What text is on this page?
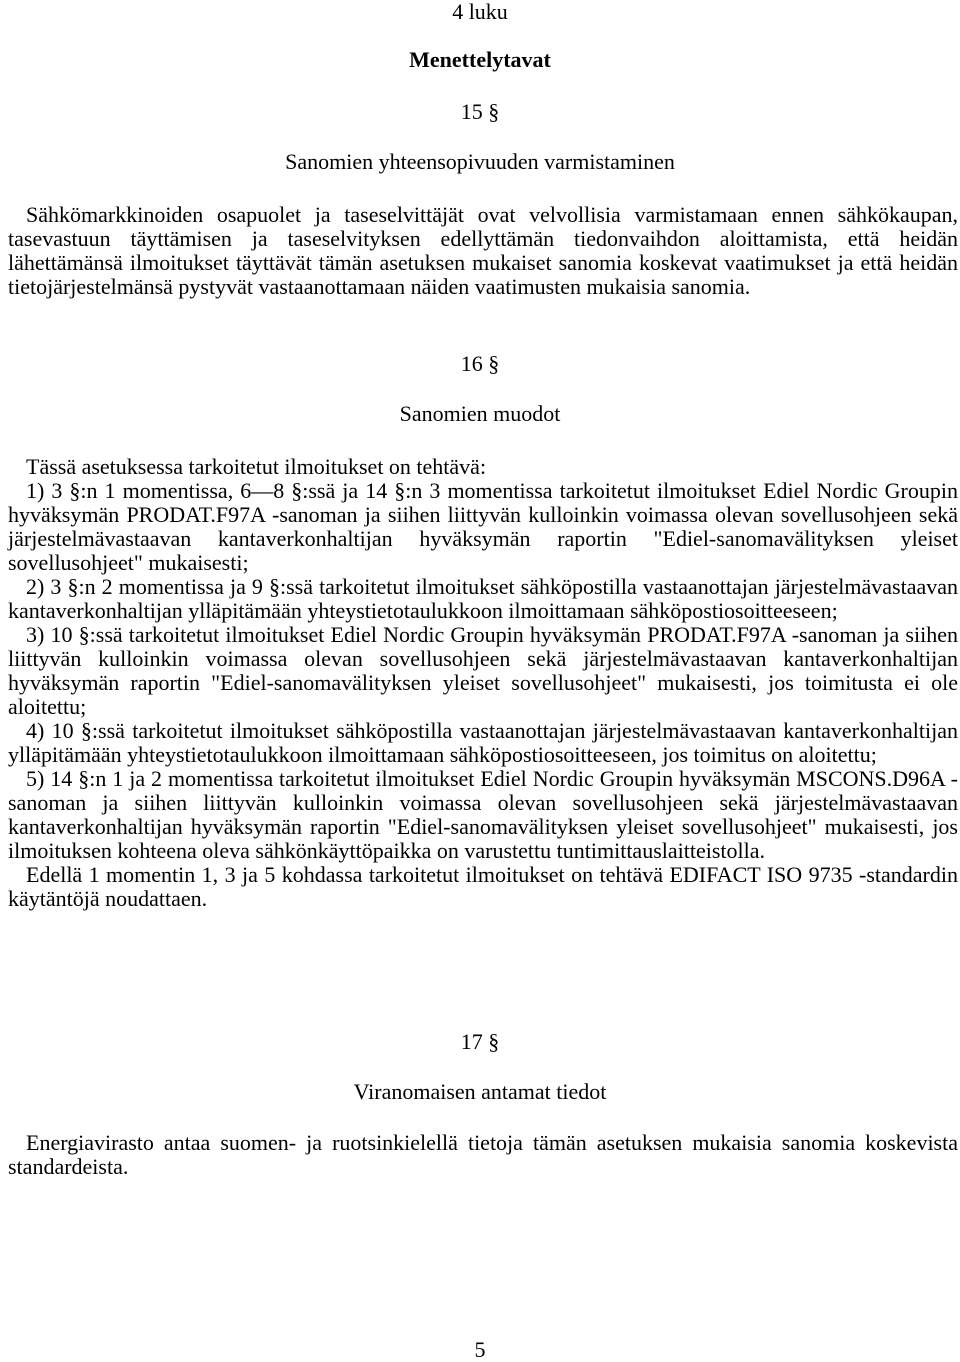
4 luku
Menettelytavat
15 §
Sanomien yhteensopivuuden varmistaminen

Sähkömarkkinoiden osapuolet ja taseselvittäjät ovat velvollisia varmistamaan ennen sähkökaupan, tasevastuun täyttämisen ja taseselvityksen edellyttämän tiedonvaihdon aloittamista, että heidän lähettämänsä ilmoitukset täyttävät tämän asetuksen mukaiset sanomia koskevat vaatimukset ja että heidän tietojärjestelmänsä pystyvät vastaanottamaan näiden vaatimusten mukaisia sanomia.

16 §
Sanomien muodot

Tässä asetuksessa tarkoitetut ilmoitukset on tehtävä:

1) 3 §:n 1 momentissa, 6—8 §:ssä ja 14 §:n 3 momentissa tarkoitetut ilmoitukset Ediel Nordic Groupin hyväksymän PRODAT.F97A -sanoman ja siihen liittyvän kulloinkin voimassa olevan sovellusohjeen sekä järjestelmävastaavan kantaverkonhaltijan hyväksymän raportin "Ediel-sanomavälityksen yleiset sovellusohjeet" mukaisesti;

2) 3 §:n 2 momentissa ja 9 §:ssä tarkoitetut ilmoitukset sähköpostilla vastaanottajan järjestelmävastaavan kantaverkonhaltijan ylläpitämään yhteystietotaulukkoon ilmoittamaan sähköpostiosoitteeseen;

3) 10 §:ssä tarkoitetut ilmoitukset Ediel Nordic Groupin hyväksymän PRODAT.F97A -sanoman ja siihen liittyvän kulloinkin voimassa olevan sovellusohjeen sekä järjestelmävastaavan kantaverkonhaltijan hyväksymän raportin "Ediel-sanomavälityksen yleiset sovellusohjeet" mukaisesti, jos toimitusta ei ole aloitettu;

4) 10 §:ssä tarkoitetut ilmoitukset sähköpostilla vastaanottajan järjestelmävastaavan kantaverkonhaltijan ylläpitämään yhteystietotaulukkoon ilmoittamaan sähköpostiosoitteeseen, jos toimitus on aloitettu;

5) 14 §:n 1 ja 2 momentissa tarkoitetut ilmoitukset Ediel Nordic Groupin hyväksymän MSCONS.D96A -sanoman ja siihen liittyvän kulloinkin voimassa olevan sovellusohjeen sekä järjestelmävastaavan kantaverkonhaltijan hyväksymän raportin "Ediel-sanomavälityksen yleiset sovellusohjeet" mukaisesti, jos ilmoituksen kohteena oleva sähkönkäyttöpaikka on varustettu tuntimittauslaitteistolla.

Edellä 1 momentin 1, 3 ja 5 kohdassa tarkoitetut ilmoitukset on tehtävä EDIFACT ISO 9735 -standardin käytäntöjä noudattaen.

17 §
Viranomaisen antamat tiedot

Energiavirasto antaa suomen- ja ruotsinkielellä tietoja tämän asetuksen mukaisia sanomia koskevista standardeista.

5
